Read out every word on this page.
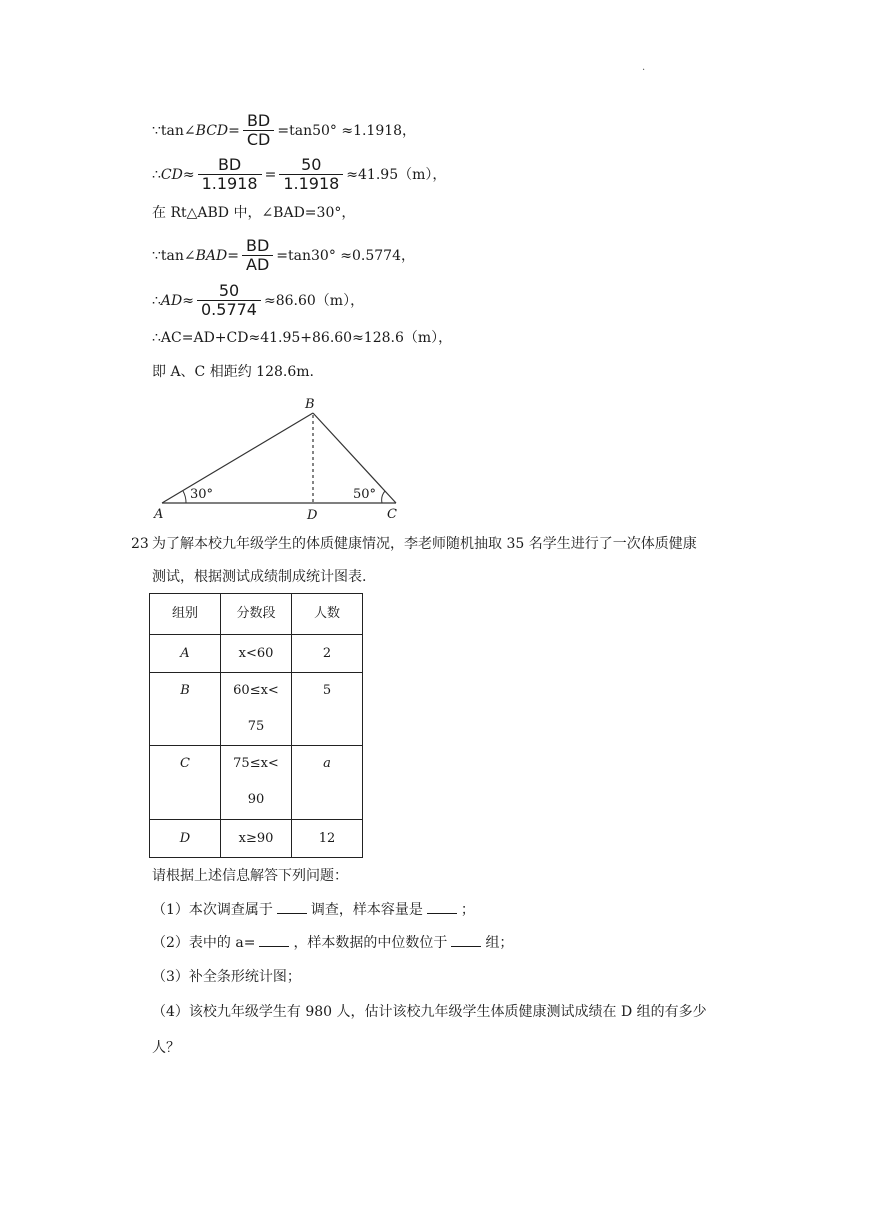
.
∵tan∠ BCD = $\frac{BD}{CD} =\tan 50^\circ \approx 1.1918$，
∴ CD ≈ $\frac{BD}{1.1918} = \frac{50}{1.1918} \approx 41.95(m)$，
在 Rt△ABD 中，∠BAD=30°，
∵tan∠ BAD = $\frac{BD}{AD} =\tan 30^\circ \approx 0.5774$，
∴ AD ≈ $\frac{50}{0.5774} \approx 86.60(m)$，
∴AC=AD+CD≈41.95+86.60≈128.6（m），
即 A、C 相距约 128.6m.
30°	50°
A
B
C
D
23 为了解本校九年级学生的体质健康情况，李老师随机抽取 35 名学生进行了一次体质健康
测试，根据测试成绩制成统计图表.
组别	分数段	人数

A	x<60	2

B	60≤x<
75	5

C	75≤x<
90	a

D	x≥90	12
请根据上述信息解答下列问题：
（1）本次调查属于	调查，样本容量是	；
（2）表中的 a=	，样本数据的中位数位于	组；
（3）补全条形统计图；
（4）该校九年级学生有 980 人，估计该校九年级学生体质健康测试成绩在 D 组的有多少
人？
